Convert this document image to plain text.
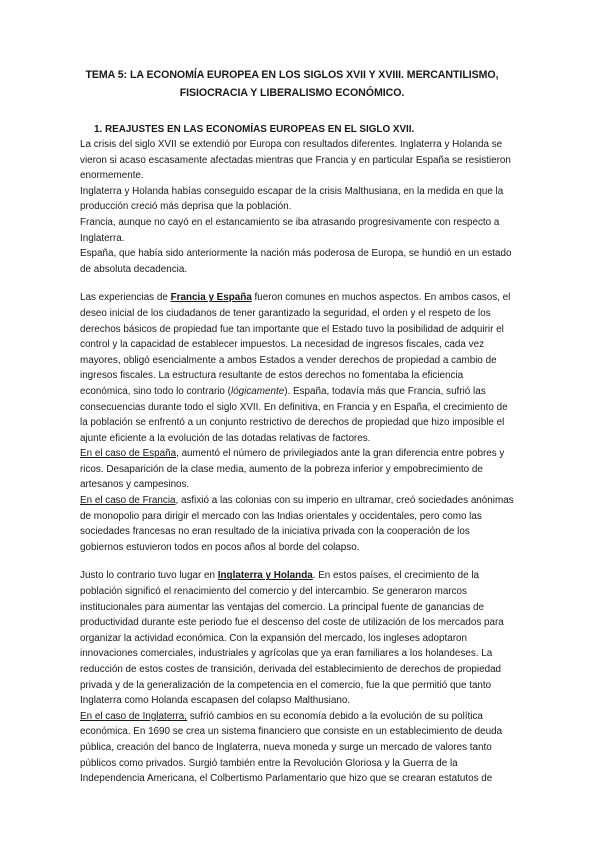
TEMA 5: LA ECONOMÍA EUROPEA EN LOS SIGLOS XVII Y XVIII. MERCANTILISMO,
FISIOCRACIA Y LIBERALISMO ECONÓMICO.
1. REAJUSTES EN LAS ECONOMÍAS EUROPEAS EN EL SIGLO XVII.

La crisis del siglo XVII se extendió por Europa con resultados diferentes. Inglaterra y Holanda se
vieron si acaso escasamente afectadas mientras que Francia y en particular España se resistieron
enormemente.
Inglaterra y Holanda habías conseguido escapar de la crisis Malthusiana, en la medida en que la
producción creció más deprisa que la población.
Francia, aunque no cayó en el estancamiento se iba atrasando progresivamente con respecto a
Inglaterra.
España, que había sido anteriormente la nación más poderosa de Europa, se hundió en un estado
de absoluta decadencia.

Las experiencias de Francia y España fueron comunes en muchos aspectos. En ambos casos, el
deseo inicial de los ciudadanos de tener garantizado la seguridad, el orden y el respeto de los
derechos básicos de propiedad fue tan importante que el Estado tuvo la posibilidad de adquirir el
control y la capacidad de establecer impuestos. La necesidad de ingresos fiscales, cada vez
mayores, obligó esencialmente a ambos Estados a vender derechos de propiedad a cambio de
ingresos fiscales. La estructura resultante de estos derechos no fomentaba la eficiencia
económica, sino todo lo contrario (lógicamente). España, todavía más que Francia, sufrió las
consecuencias durante todo el siglo XVII. En definitiva, en Francia y en España, el crecimiento de
la población se enfrentó a un conjunto restrictivo de derechos de propiedad que hizo imposible el
ajunte eficiente a la evolución de las dotadas relativas de factores.
En el caso de España, aumentó el número de privilegiados ante la gran diferencia entre pobres y
ricos. Desaparición de la clase media, aumento de la pobreza inferior y empobrecimiento de
artesanos y campesinos.
En el caso de Francia, asfixió a las colonias con su imperio en ultramar, creó sociedades anónimas
de monopolio para dirigir el mercado con las Indias orientales y occidentales, pero como las
sociedades francesas no eran resultado de la iniciativa privada con la cooperación de los
gobiernos estuvieron todos en pocos años al borde del colapso.

Justo lo contrario tuvo lugar en Inglaterra y Holanda. En estos países, el crecimiento de la
población significó el renacimiento del comercio y del intercambio. Se generaron marcos
institucionales para aumentar las ventajas del comercio. La principal fuente de ganancias de
productividad durante este periodo fue el descenso del coste de utilización de los mercados para
organizar la actividad económica. Con la expansión del mercado, los ingleses adoptaron
innovaciones comerciales, industriales y agrícolas que ya eran familiares a los holandeses. La
reducción de estos costes de transición, derivada del establecimiento de derechos de propiedad
privada y de la generalización de la competencia en el comercio, fue la que permitió que tanto
Inglaterra como Holanda escapasen del colapso Malthusiano.
En el caso de Inglaterra, sufrió cambios en su economía debido a la evolución de su política
económica. En 1690 se crea un sistema financiero que consiste en un establecimiento de deuda
pública, creación del banco de Inglaterra, nueva moneda y surge un mercado de valores tanto
públicos como privados. Surgió también entre la Revolución Gloriosa y la Guerra de la
Independencia Americana, el Colbertismo Parlamentario que hizo que se crearan estatutos de
